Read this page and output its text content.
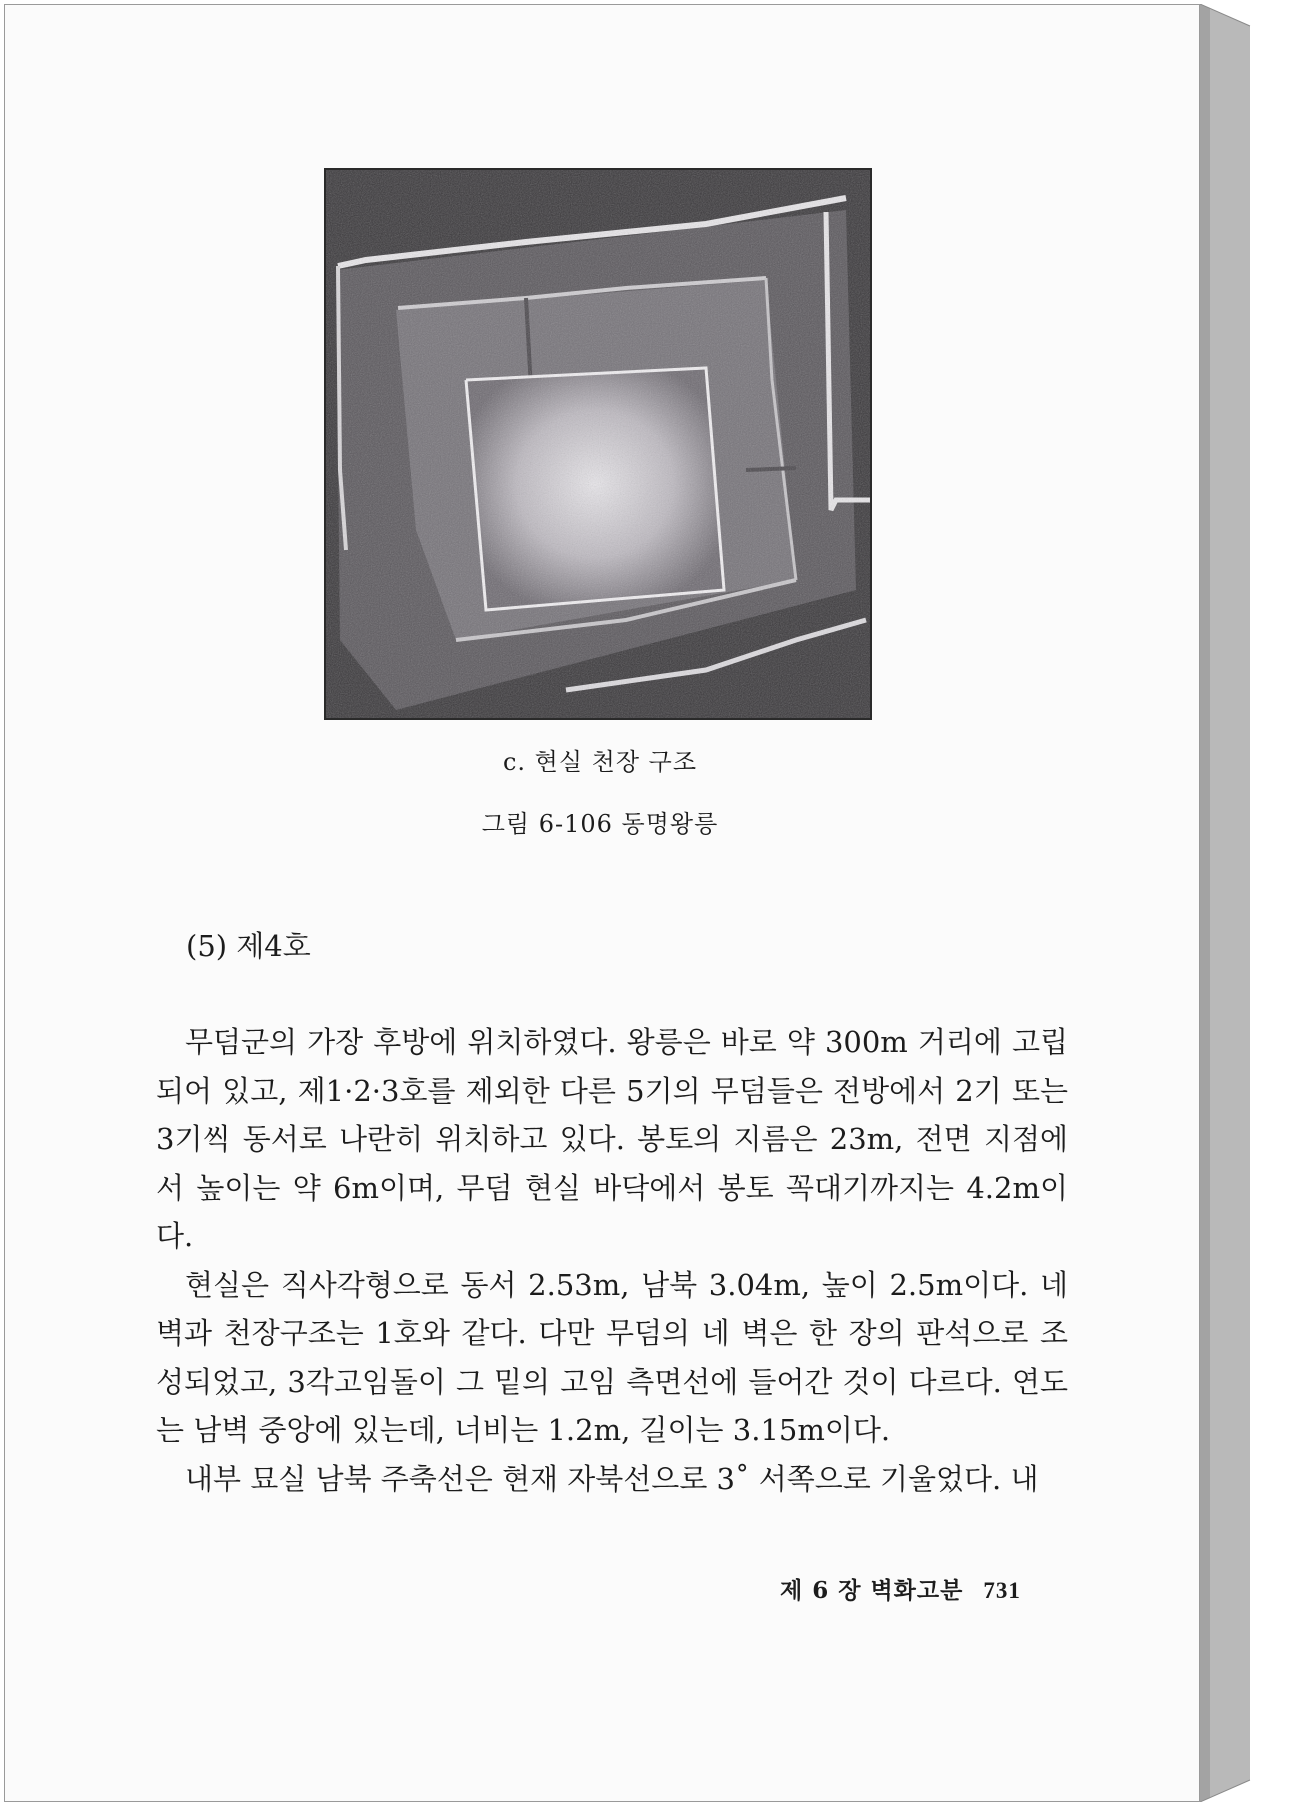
c. 현실 천장 구조
그림 6-106 동명왕릉
(5) 제4호

무덤군의 가장 후방에 위치하였다. 왕릉은 바로 약 300m 거리에 고립되어 있고, 제1·2·3호를 제외한 다른 5기의 무덤들은 전방에서 2기 또는 3기씩 동서로 나란히 위치하고 있다. 봉토의 지름은 23m, 전면 지점에서 높이는 약 6m이며, 무덤 현실 바닥에서 봉토 꼭대기까지는 4.2m이다.

현실은 직사각형으로 동서 2.53m, 남북 3.04m, 높이 2.5m이다. 네 벽과 천장구조는 1호와 같다. 다만 무덤의 네 벽은 한 장의 판석으로 조성되었고, 3각고임돌이 그 밑의 고임 측면선에 들어간 것이 다르다. 연도는 남벽 중앙에 있는데, 너비는 1.2m, 길이는 3.15m이다.

내부 묘실 남북 주축선은 현재 자북선으로 3˚ 서쪽으로 기울었다. 내

제 6 장 벽화고분 731
